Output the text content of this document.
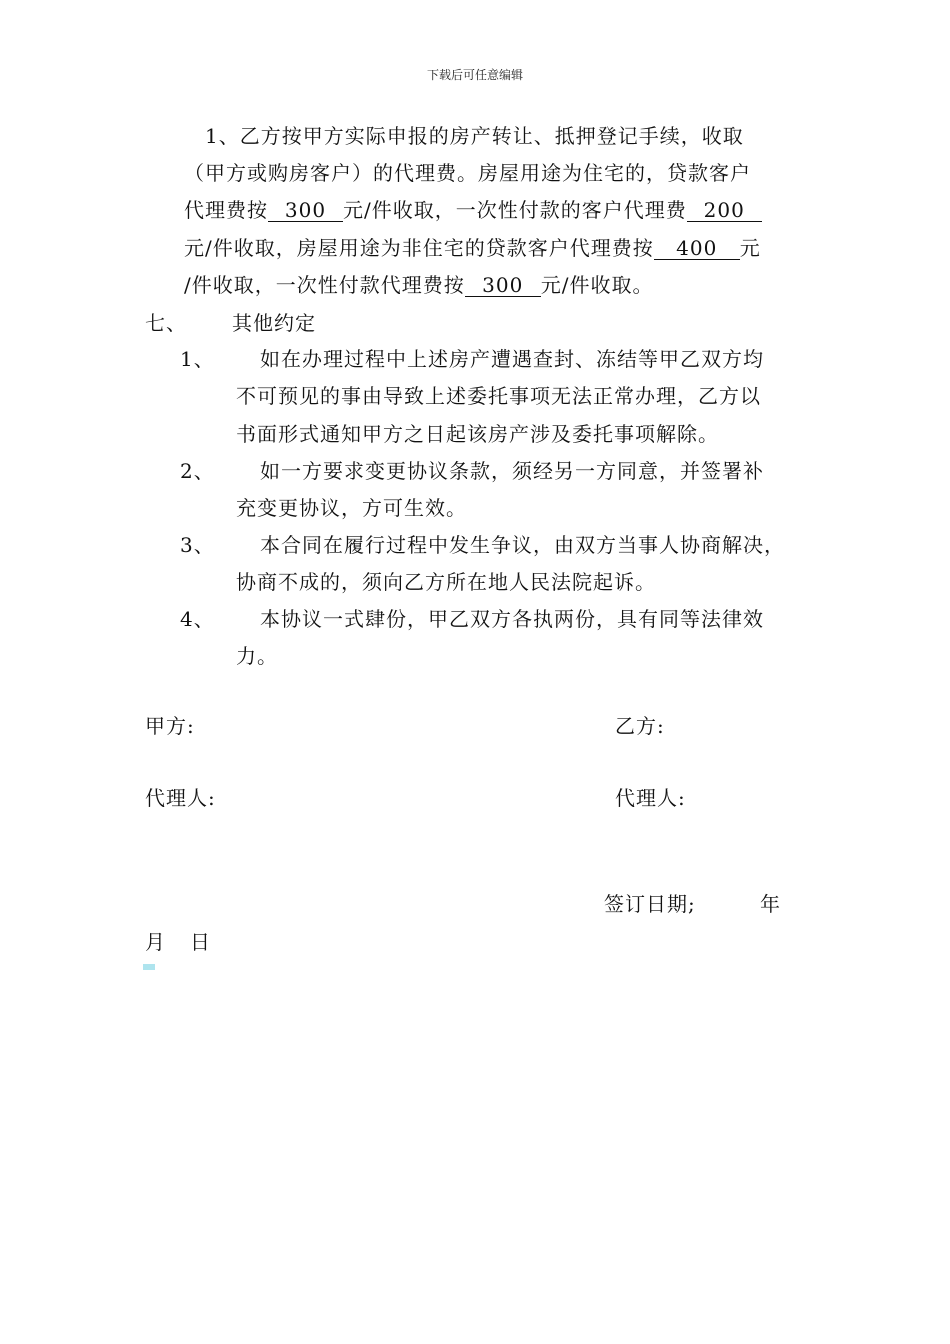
下载后可任意编辑
1、乙方按甲方实际申报的房产转让、抵押登记手续，收取
（甲方或购房客户）的代理费。房屋用途为住宅的，贷款客户
代理费按 300 元/件收取，一次性付款的客户代理费 200
元/件收取，房屋用途为非住宅的贷款客户代理费按 400 元
/件收取，一次性付款代理费按 300 元/件收取。
七、 其他约定
1、 如在办理过程中上述房产遭遇查封、冻结等甲乙双方均
不可预见的事由导致上述委托事项无法正常办理，乙方以
书面形式通知甲方之日起该房产涉及委托事项解除。
2、 如一方要求变更协议条款，须经另一方同意，并签署补
充变更协议，方可生效。
3、 本合同在履行过程中发生争议，由双方当事人协商解决，
协商不成的，须向乙方所在地人民法院起诉。
4、 本协议一式肆份，甲乙双方各执两份，具有同等法律效
力。
甲方:	乙方:
代理人:	代理人:
签订日期;	年
月 日
